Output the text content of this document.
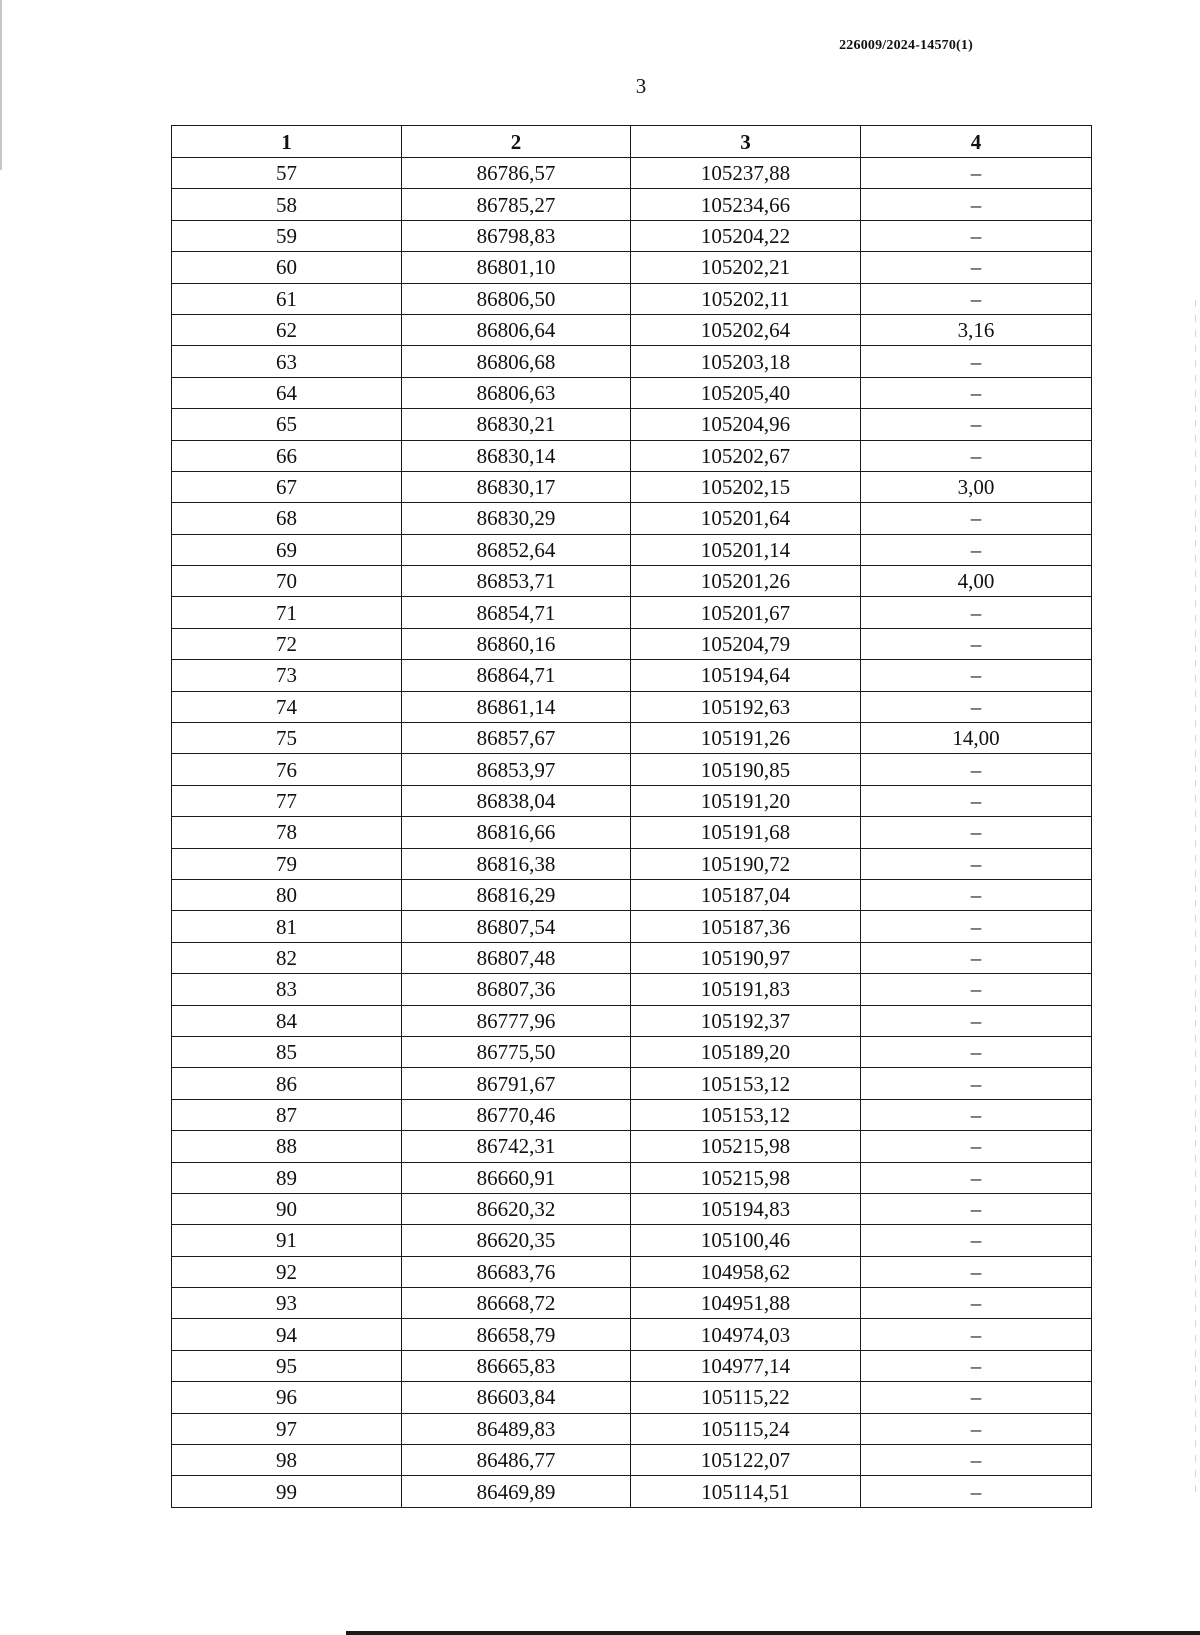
226009/2024-14570(1)
3
1	2	3	4
57	86786,57	105237,88	–
58	86785,27	105234,66	–
59	86798,83	105204,22	–
60	86801,10	105202,21	–
61	86806,50	105202,11	–
62	86806,64	105202,64	3,16
63	86806,68	105203,18	–
64	86806,63	105205,40	–
65	86830,21	105204,96	–
66	86830,14	105202,67	–
67	86830,17	105202,15	3,00
68	86830,29	105201,64	–
69	86852,64	105201,14	–
70	86853,71	105201,26	4,00
71	86854,71	105201,67	–
72	86860,16	105204,79	–
73	86864,71	105194,64	–
74	86861,14	105192,63	–
75	86857,67	105191,26	14,00
76	86853,97	105190,85	–
77	86838,04	105191,20	–
78	86816,66	105191,68	–
79	86816,38	105190,72	–
80	86816,29	105187,04	–
81	86807,54	105187,36	–
82	86807,48	105190,97	–
83	86807,36	105191,83	–
84	86777,96	105192,37	–
85	86775,50	105189,20	–
86	86791,67	105153,12	–
87	86770,46	105153,12	–
88	86742,31	105215,98	–
89	86660,91	105215,98	–
90	86620,32	105194,83	–
91	86620,35	105100,46	–
92	86683,76	104958,62	–
93	86668,72	104951,88	–
94	86658,79	104974,03	–
95	86665,83	104977,14	–
96	86603,84	105115,22	–
97	86489,83	105115,24	–
98	86486,77	105122,07	–
99	86469,89	105114,51	–
